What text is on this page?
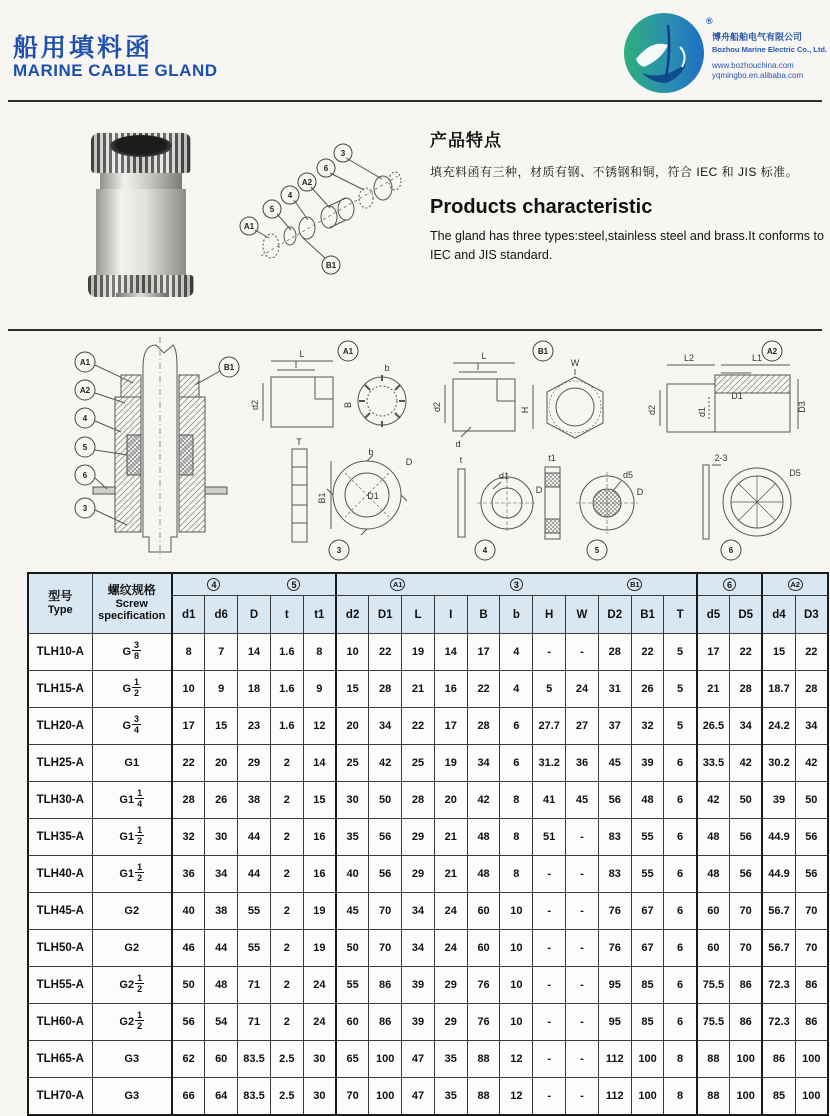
船用填料函
MARINE CABLE GLAND
®
博舟船舶电气有限公司
Bozhou Marine Electric Co., Ltd.
www.bozhouchina.com
yqmingbo.en.alibaba.com
A1
5
4
A2
6
3
B1
产品特点
填充料函有三种，材质有钢、不锈钢和铜，符合 IEC 和 JIS 标准。
Products characteristic
The gland has three types:steel,stainless steel and brass.It conforms to IEC and JIS standard.
A1
A2
4
5
6
3
B1
L
I
d2
b
B
A1
T
B1
b
D
D1
3
L
I
d2
d
W
H
B1
L2	L1
d2	d1
D1
D3
A2
t
d1
D
4
t1
d5
D
5
2-3
D5
6
型号
Type

螺纹规格
Screw
specification

4	5	A1	3	B1	6	A2

		d1	d6	D	t	t1	d2	D1	L	I	B	b	H	W	D2	B1	T	d5	D5	d4	D3
TLH10-A	G $\frac{3}{8}$	8	7	14	1.6	8	10	22	19	14	17	4	-	-	28	22	5	17	22	15	22
TLH15-A	G $\frac{1}{2}$	10	9	18	1.6	9	15	28	21	16	22	4	5	24	31	26	5	21	28	18.7	28
TLH20-A	G $\frac{3}{4}$	17	15	23	1.6	12	20	34	22	17	28	6	27.7	27	37	32	5	26.5	34	24.2	34
TLH25-A	G1	22	20	29	2	14	25	42	25	19	34	6	31.2	36	45	39	6	33.5	42	30.2	42
TLH30-A	$G1 \frac{1}{4}$	28	26	38	2	15	30	50	28	20	42	8	41	45	56	48	6	42	50	39	50
TLH35-A	$G1 \frac{1}{2}$	32	30	44	2	16	35	56	29	21	48	8	51	-	83	55	6	48	56	44.9	56
TLH40-A	$G1 \frac{1}{2}$	36	34	44	2	16	40	56	29	21	48	8	-	-	83	55	6	48	56	44.9	56
TLH45-A	G2	40	38	55	2	19	45	70	34	24	60	10	-	-	76	67	6	60	70	56.7	70
TLH50-A	G2	46	44	55	2	19	50	70	34	24	60	10	-	-	76	67	6	60	70	56.7	70
TLH55-A	$G2 \frac{1}{2}$	50	48	71	2	24	55	86	39	29	76	10	-	-	95	85	6	75.5	86	72.3	86
TLH60-A	$G2 \frac{1}{2}$	56	54	71	2	24	60	86	39	29	76	10	-	-	95	85	6	75.5	86	72.3	86
TLH65-A	G3	62	60	83.5	2.5	30	65	100	47	35	88	12	-	-	112	100	8	88	100	86	100
TLH70-A	G3	66	64	83.5	2.5	30	70	100	47	35	88	12	-	-	112	100	8	88	100	85	100
